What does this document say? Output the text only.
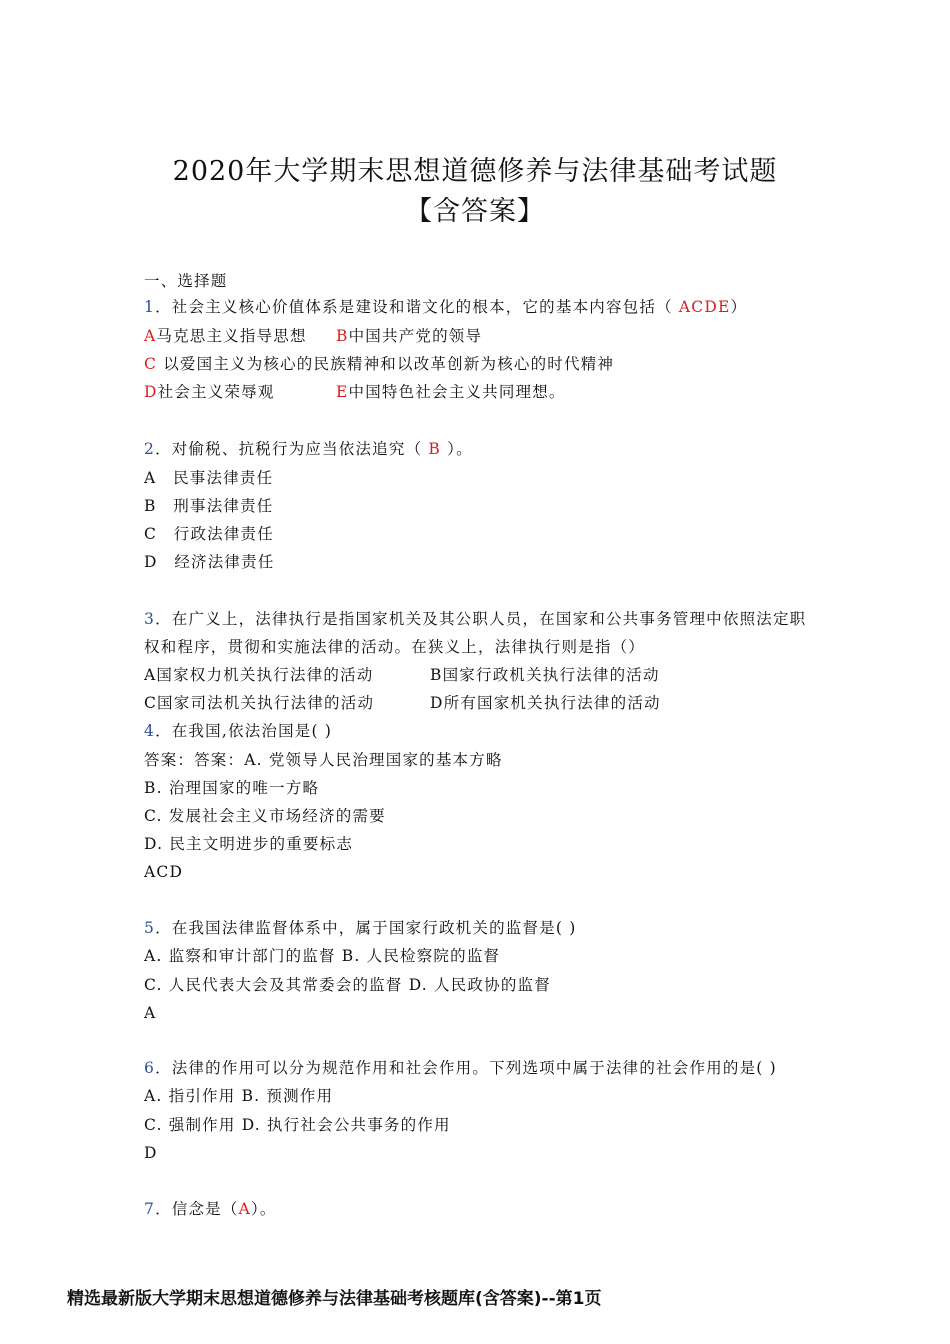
2020年大学期末思想道德修养与法律基础考试题
【含答案】
一、选择题
1．社会主义核心价值体系是建设和谐文化的根本，它的基本内容包括（ ACDE）
A马克思主义指导思想 B中国共产党的领导
C 以爱国主义为核心的民族精神和以改革创新为核心的时代精神
D社会主义荣辱观	E中国特色社会主义共同理想。
2．对偷税、抗税行为应当依法追究（ B ）。
A　民事法律责任
B　刑事法律责任
C　行政法律责任
D　经济法律责任
3．在广义上，法律执行是指国家机关及其公职人员，在国家和公共事务管理中依照法定职
权和程序，贯彻和实施法律的活动。在狭义上，法律执行则是指（）
A国家权力机关执行法律的活动	B国家行政机关执行法律的活动
C国家司法机关执行法律的活动	D所有国家机关执行法律的活动
4．在我国,依法治国是( )
答案：答案：A. 党领导人民治理国家的基本方略
B. 治理国家的唯一方略
C. 发展社会主义市场经济的需要
D. 民主文明进步的重要标志
ACD
5．在我国法律监督体系中，属于国家行政机关的监督是( )
A. 监察和审计部门的监督 B. 人民检察院的监督
C. 人民代表大会及其常委会的监督 D. 人民政协的监督
A
6．法律的作用可以分为规范作用和社会作用。下列选项中属于法律的社会作用的是( )
A. 指引作用 B. 预测作用
C. 强制作用 D. 执行社会公共事务的作用
D
7．信念是（A）。
精选最新版大学期末思想道德修养与法律基础考核题库(含答案)--第1页
